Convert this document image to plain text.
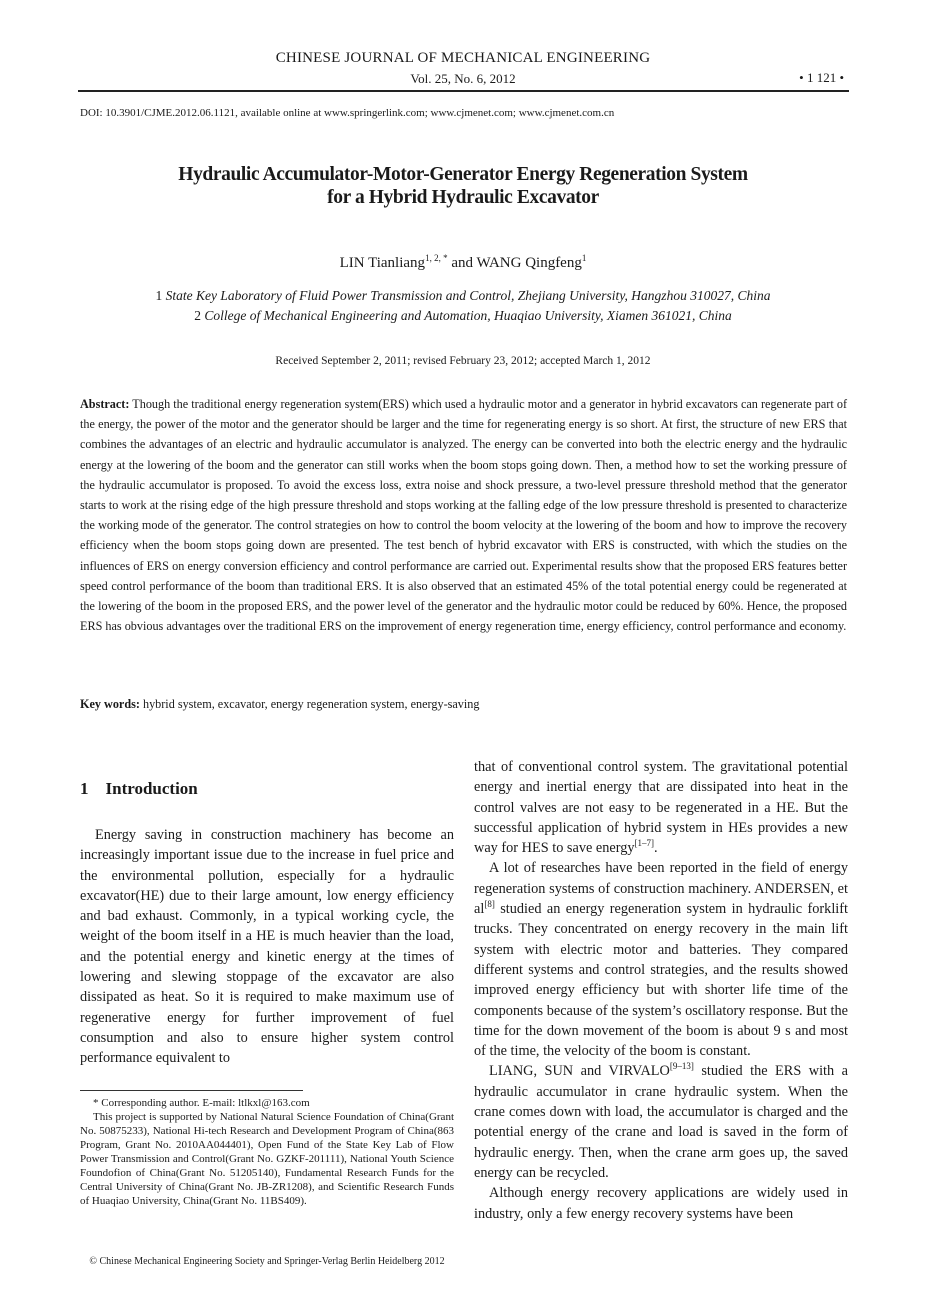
CHINESE JOURNAL OF MECHANICAL ENGINEERING
Vol. 25, No. 6, 2012	• 1 121 •
DOI: 10.3901/CJME.2012.06.1121, available online at www.springerlink.com; www.cjmenet.com; www.cjmenet.com.cn
Hydraulic Accumulator-Motor-Generator Energy Regeneration System
for a Hybrid Hydraulic Excavator
LIN Tianliang$^{1, 2, *}$ and WANG Qingfeng$^1$
1 State Key Laboratory of Fluid Power Transmission and Control, Zhejiang University, Hangzhou 310027, China
2 College of Mechanical Engineering and Automation, Huaqiao University, Xiamen 361021, China
Received September 2, 2011; revised February 23, 2012; accepted March 1, 2012
Abstract: Though the traditional energy regeneration system(ERS) which used a hydraulic motor and a generator in hybrid excavators can regenerate part of the energy, the power of the motor and the generator should be larger and the time for regenerating energy is so short. At first, the structure of new ERS that combines the advantages of an electric and hydraulic accumulator is analyzed. The energy can be converted into both the electric energy and the hydraulic energy at the lowering of the boom and the generator can still works when the boom stops going down. Then, a method how to set the working pressure of the hydraulic accumulator is proposed. To avoid the excess loss, extra noise and shock pressure, a two-level pressure threshold method that the generator starts to work at the rising edge of the high pressure threshold and stops working at the falling edge of the low pressure threshold is presented to characterize the working mode of the generator. The control strategies on how to control the boom velocity at the lowering of the boom and how to improve the recovery efficiency when the boom stops going down are presented. The test bench of hybrid excavator with ERS is constructed, with which the studies on the influences of ERS on energy conversion efficiency and control performance are carried out. Experimental results show that the proposed ERS features better speed control performance of the boom than traditional ERS. It is also observed that an estimated 45% of the total potential energy could be regenerated at the lowering of the boom in the proposed ERS, and the power level of the generator and the hydraulic motor could be reduced by 60%. Hence, the proposed ERS has obvious advantages over the traditional ERS on the improvement of energy regeneration time, energy efficiency, control performance and economy.
Key words: hybrid system, excavator, energy regeneration system, energy-saving
1 Introduction

Energy saving in construction machinery has become an increasingly important issue due to the increase in fuel price and the environmental pollution, especially for a hydraulic excavator(HE) due to their large amount, low energy efficiency and bad exhaust. Commonly, in a typical working cycle, the weight of the boom itself in a HE is much heavier than the load, and the potential energy and kinetic energy at the times of lowering and slewing stoppage of the excavator are also dissipated as heat. So it is required to make maximum use of regenerative energy for further improvement of fuel consumption and also to ensure higher system control performance equivalent to

* Corresponding author. E-mail: ltlkxl@163.com

This project is supported by National Natural Science Foundation of China(Grant No. 50875233), National Hi-tech Research and Development Program of China(863 Program, Grant No. 2010AA044401), Open Fund of the State Key Lab of Flow Power Transmission and Control(Grant No. GZKF-201111), National Youth Science Foundofion of China(Grant No. 51205140), Fundamental Research Funds for the Central University of China(Grant No. JB-ZR1208), and Scientific Research Funds of Huaqiao University, China(Grant No. 11BS409).

© Chinese Mechanical Engineering Society and Springer-Verlag Berlin Heidelberg 2012

that of conventional control system. The gravitational potential energy and inertial energy that are dissipated into heat in the control valves are not easy to be regenerated in a HE. But the successful application of hybrid system in HEs provides a new way for HES to save energy[1–7].

A lot of researches have been reported in the field of energy regeneration systems of construction machinery. ANDERSEN, et al[8] studied an energy regeneration system in hydraulic forklift trucks. They concentrated on energy recovery in the main lift system with electric motor and batteries. They compared different systems and control strategies, and the results showed improved energy efficiency but with shorter life time of the components because of the system’s oscillatory response. But the time for the down movement of the boom is about 9 s and most of the time, the velocity of the boom is constant.

LIANG, SUN and VIRVALO[9–13] studied the ERS with a hydraulic accumulator in crane hydraulic system. When the crane comes down with load, the accumulator is charged and the potential energy of the crane and load is saved in the form of hydraulic energy. Then, when the crane arm goes up, the saved energy can be recycled.

Although energy recovery applications are widely used in industry, only a few energy recovery systems have been
